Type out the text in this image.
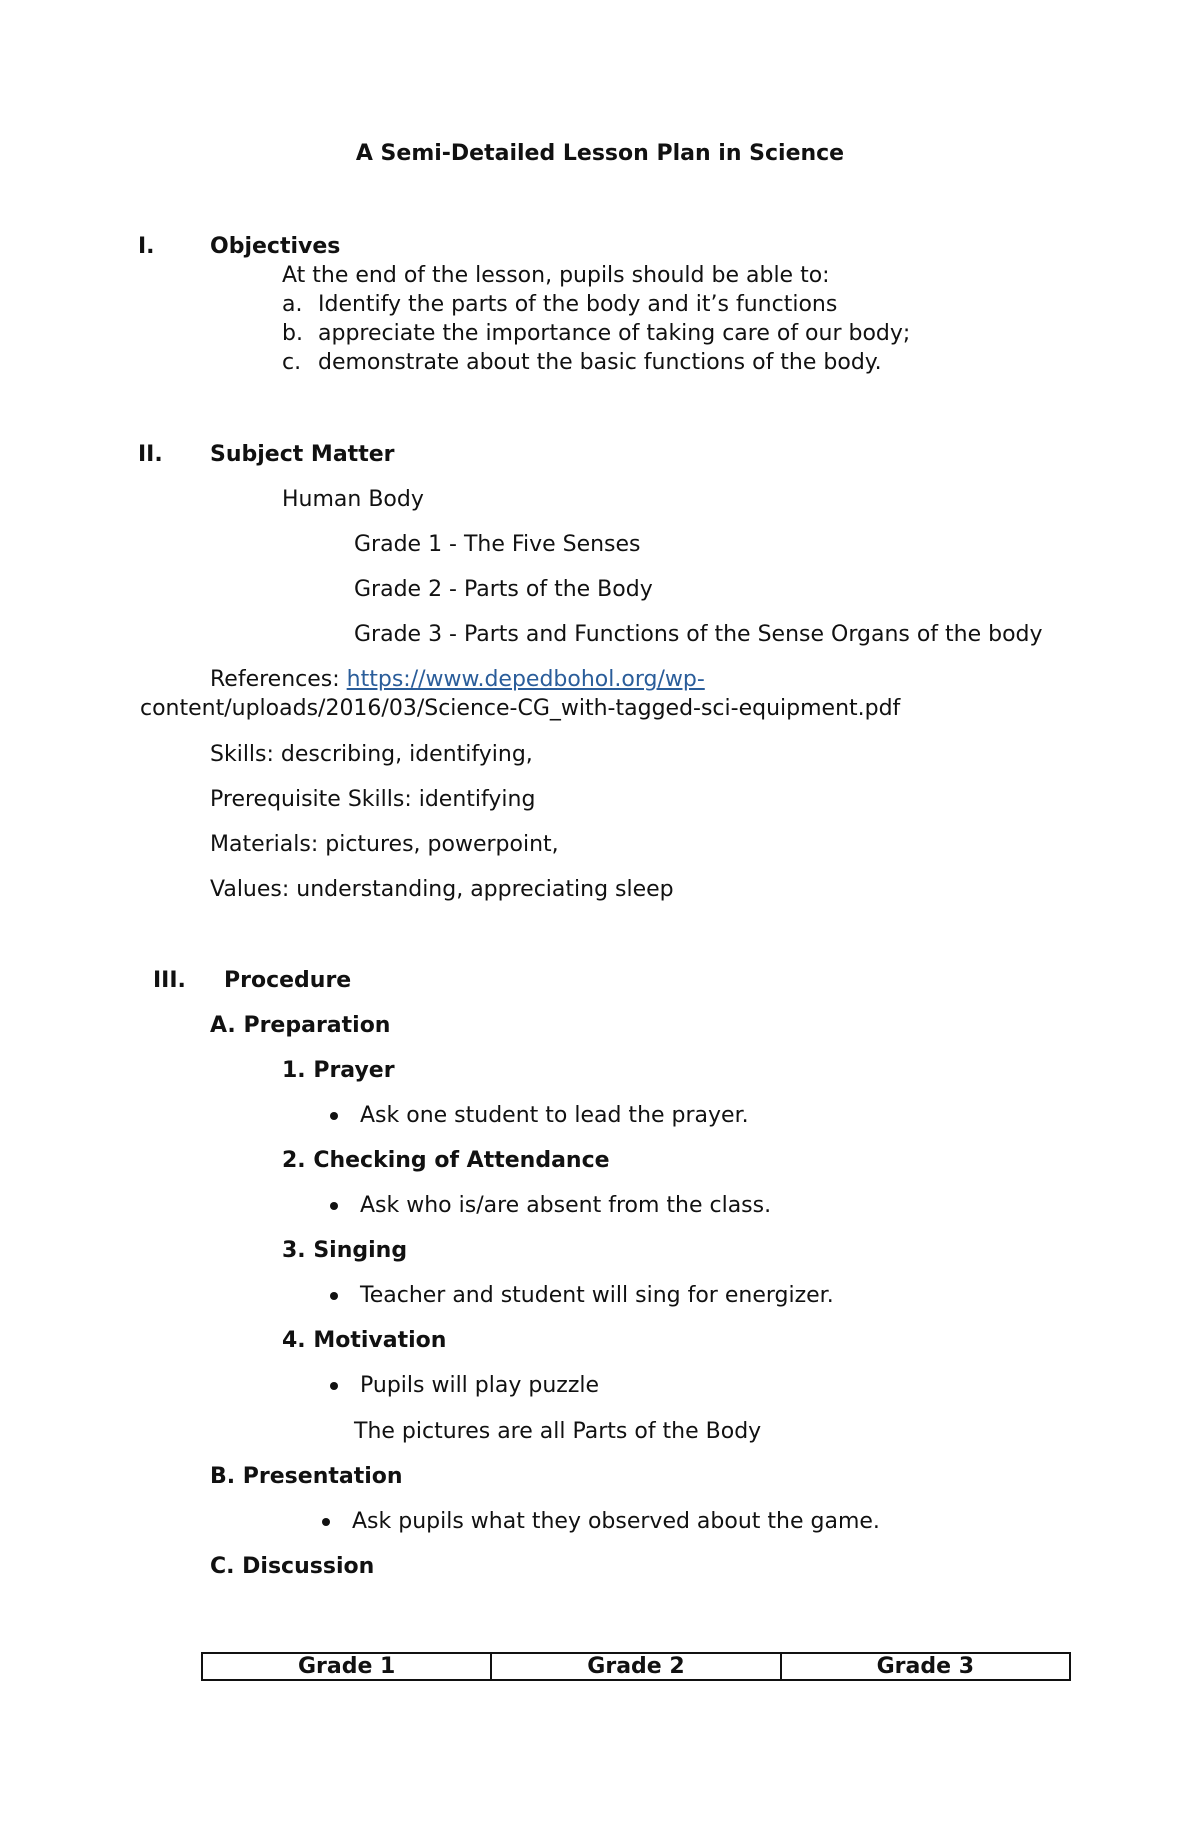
A Semi-Detailed Lesson Plan in Science
I.	Objectives
At the end of the lesson, pupils should be able to:
a. Identify the parts of the body and it’s functions
b. appreciate the importance of taking care of our body;
c. demonstrate about the basic functions of the body.
II. Subject Matter
Human Body
Grade 1 - The Five Senses
Grade 2 - Parts of the Body
Grade 3 - Parts and Functions of the Sense Organs of the body
References: https://www.depedbohol.org/wp-
content/uploads/2016/03/Science-CG_with-tagged-sci-equipment.pdf
Skills: describing, identifying,
Prerequisite Skills: identifying
Materials: pictures, powerpoint,
Values: understanding, appreciating sleep
III. Procedure
A. Preparation
1. Prayer
Ask one student to lead the prayer.
2. Checking of Attendance
Ask who is/are absent from the class.
3. Singing
Teacher and student will sing for energizer.
4. Motivation
Pupils will play puzzle
The pictures are all Parts of the Body
B. Presentation
Ask pupils what they observed about the game.
C. Discussion
Grade 1	Grade 2	Grade 3
